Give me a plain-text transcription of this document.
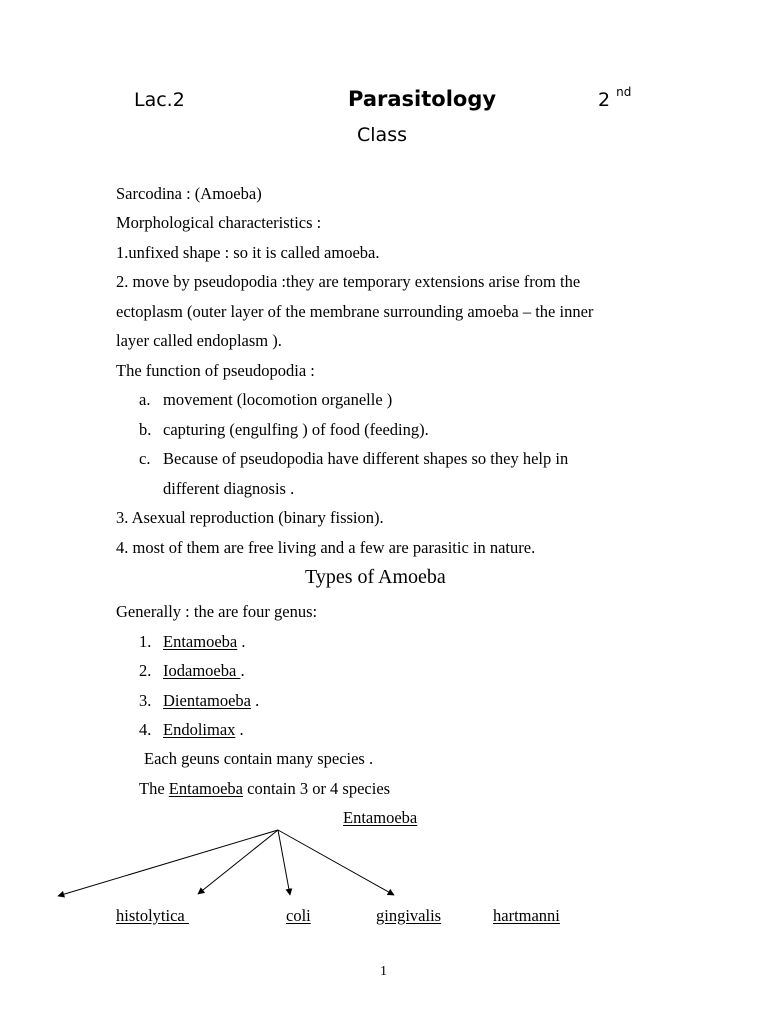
Lac.2	Parasitology	2 $^{nd}$
Class
Sarcodina : (Amoeba)
Morphological characteristics :
1.unfixed shape : so it is called amoeba.
2. move by pseudopodia :they are temporary extensions arise from the
ectoplasm (outer layer of the membrane surrounding amoeba – the inner
layer called endoplasm ).
The function of pseudopodia :
a. movement (locomotion organelle )
b. capturing (engulfing ) of food (feeding).
c. Because of pseudopodia have different shapes so they help in
different diagnosis .
3. Asexual reproduction (binary fission).
4. most of them are free living and a few are parasitic in nature.
Types of Amoeba
Generally : the are four genus:
1. Entamoeba .
2. Iodamoeba .
3. Dientamoeba .
4. Endolimax .
Each geuns contain many species .
The Entamoeba contain 3 or 4 species
Entamoeba
histolytica	coli	gingivalis	hartmanni
1
